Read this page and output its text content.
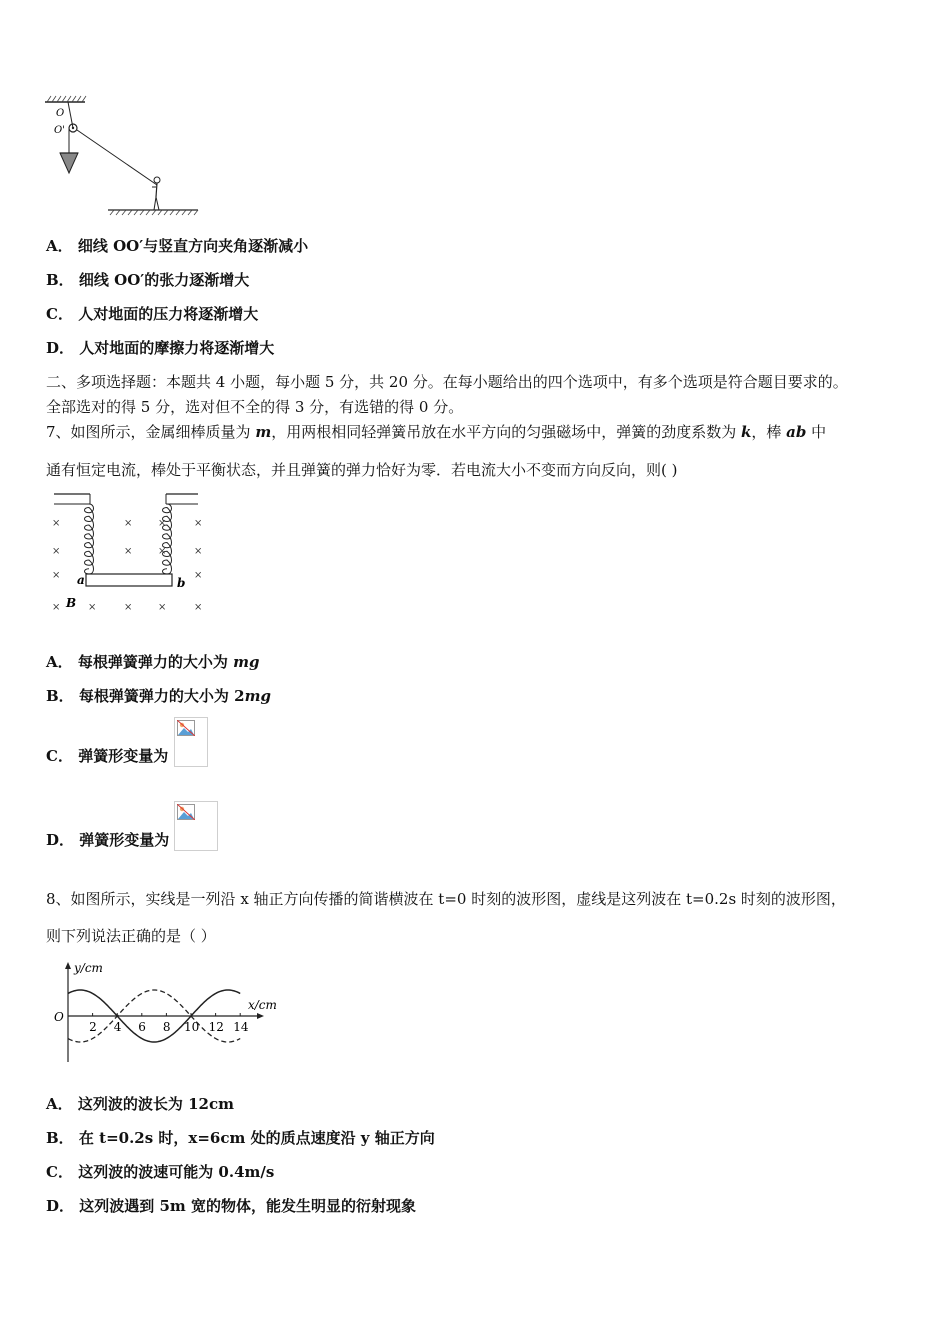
O
O'
A． 细线 OO′与竖直方向夹角逐渐减小
B． 细线 OO′的张力逐渐增大
C． 人对地面的压力将逐渐增大
D． 人对地面的摩擦力将逐渐增大
二、多项选择题：本题共 4 小题，每小题 5 分，共 20 分。在每小题给出的四个选项中，有多个选项是符合题目要求的。
全部选对的得 5 分，选对但不全的得 3 分，有选错的得 0 分。
7、如图所示，金属细棒质量为 m，用两根相同轻弹簧吊放在水平方向的匀强磁场中，弹簧的劲度系数为 k，棒 ab 中
通有恒定电流，棒处于平衡状态，并且弹簧的弹力恰好为零．若电流大小不变而方向反向，则( )
a	b
B
×	×	×	×
×	×	×	×
×	×
×	×	×	×	×
A． 每根弹簧弹力的大小为 mg
B． 每根弹簧弹力的大小为 2mg
C． 弹簧形变量为
D． 弹簧形变量为
8、如图所示，实线是一列沿 x 轴正方向传播的简谐横波在 t=0 时刻的波形图，虚线是这列波在 t=0.2s 时刻的波形图，
则下列说法正确的是（ ）
y/cm
x/cm
O
2 4 6 8 10 12 14
A． 这列波的波长为 12cm
B． 在 t=0.2s 时，x=6cm 处的质点速度沿 y 轴正方向
C． 这列波的波速可能为 0.4m/s
D． 这列波遇到 5m 宽的物体，能发生明显的衍射现象
